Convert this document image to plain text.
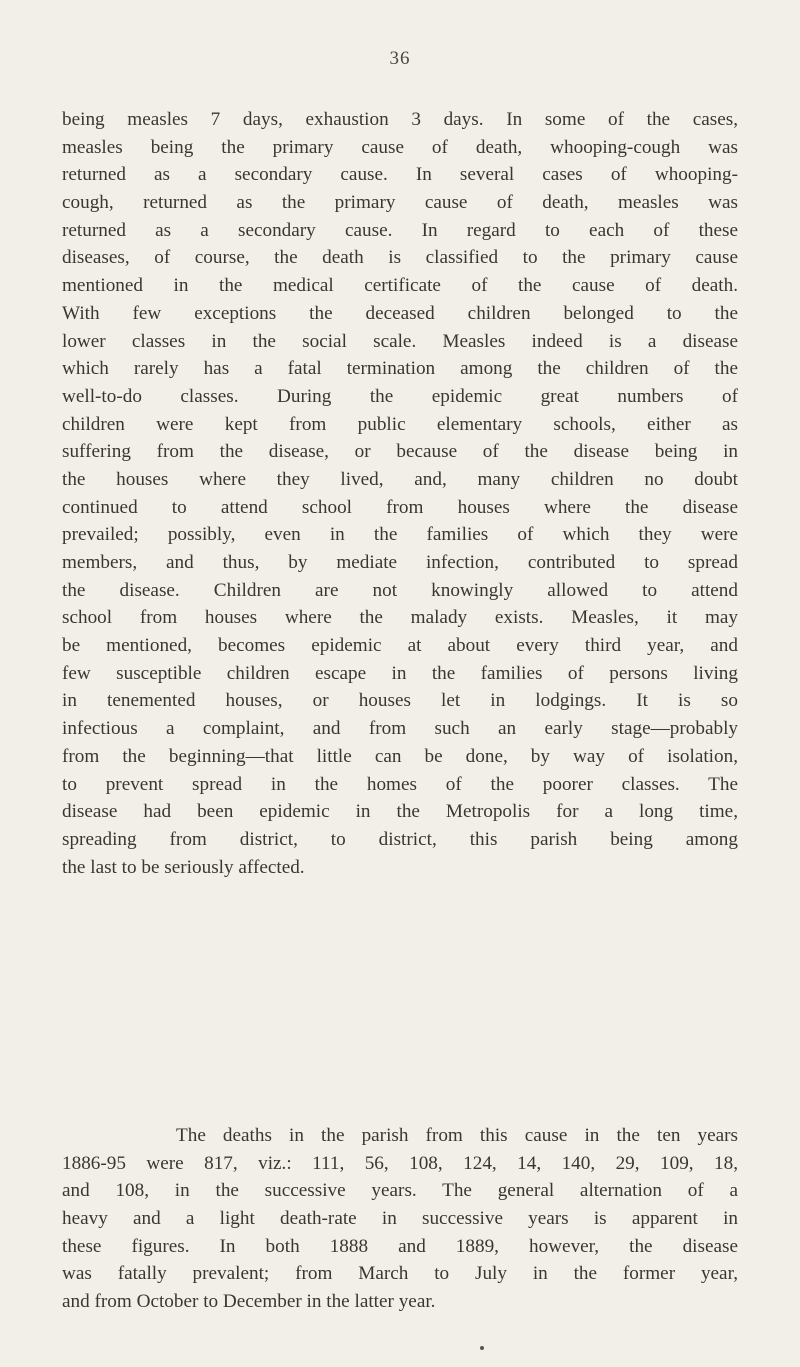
36
being measles 7 days, exhaustion 3 days. In some of the cases,
measles being the primary cause of death, whooping-cough was
returned as a secondary cause. In several cases of whooping-
cough, returned as the primary cause of death, measles was
returned as a secondary cause. In regard to each of these
diseases, of course, the death is classified to the primary cause
mentioned in the medical certificate of the cause of death.
With few exceptions the deceased children belonged to the
lower classes in the social scale. Measles indeed is a disease
which rarely has a fatal termination among the children of the
well-to-do classes. During the epidemic great numbers of
children were kept from public elementary schools, either as
suffering from the disease, or because of the disease being in
the houses where they lived, and, many children no doubt
continued to attend school from houses where the disease
prevailed; possibly, even in the families of which they were
members, and thus, by mediate infection, contributed to spread
the disease. Children are not knowingly allowed to attend
school from houses where the malady exists. Measles, it may
be mentioned, becomes epidemic at about every third year, and
few susceptible children escape in the families of persons living
in tenemented houses, or houses let in lodgings. It is so
infectious a complaint, and from such an early stage—probably
from the beginning—that little can be done, by way of isolation,
to prevent spread in the homes of the poorer classes. The
disease had been epidemic in the Metropolis for a long time,
spreading from district, to district, this parish being among
the last to be seriously affected.
The deaths in the parish from this cause in the ten years
1886-95 were 817, viz.: 111, 56, 108, 124, 14, 140, 29, 109, 18,
and 108, in the successive years. The general alternation of a
heavy and a light death-rate in successive years is apparent in
these figures. In both 1888 and 1889, however, the disease
was fatally prevalent; from March to July in the former year,
and from October to December in the latter year.
